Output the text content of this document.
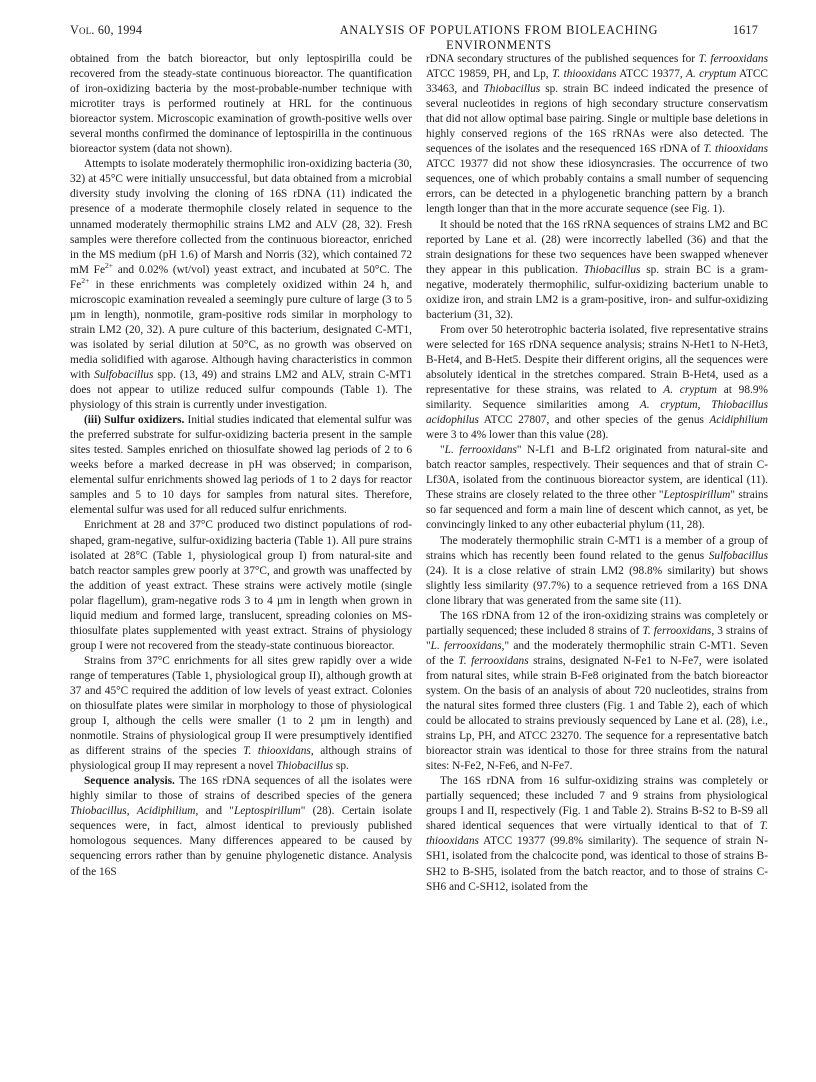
Vol. 60, 1994	ANALYSIS OF POPULATIONS FROM BIOLEACHING ENVIRONMENTS
1617

obtained from the batch bioreactor, but only leptospirilla could be recovered from the steady-state continuous bioreactor. The quantification of iron-oxidizing bacteria by the most-probable-number technique with microtiter trays is performed routinely at HRL for the continuous bioreactor system. Microscopic examination of growth-positive wells over several months confirmed the dominance of leptospirilla in the continuous bioreactor system (data not shown).

Attempts to isolate moderately thermophilic iron-oxidizing bacteria (30, 32) at 45°C were initially unsuccessful, but data obtained from a microbial diversity study involving the cloning of 16S rDNA (11) indicated the presence of a moderate thermophile closely related in sequence to the unnamed moderately thermophilic strains LM2 and ALV (28, 32). Fresh samples were therefore collected from the continuous bioreactor, enriched in the MS medium (pH 1.6) of Marsh and Norris (32), which contained 72 mM $Fe^{2+}$ and 0.02% (wt/vol) yeast extract, and incubated at 50°C. The $Fe^{2+}$ in these enrichments was completely oxidized within 24 h, and microscopic examination revealed a seemingly pure culture of large (3 to 5 µm in length), nonmotile, gram-positive rods similar in morphology to strain LM2 (20, 32). A pure culture of this bacterium, designated C-MT1, was isolated by serial dilution at 50°C, as no growth was observed on media solidified with agarose. Although having characteristics in common with Sulfobacillus spp. (13, 49) and strains LM2 and ALV, strain C-MT1 does not appear to utilize reduced sulfur compounds (Table 1). The physiology of this strain is currently under investigation.

(iii) Sulfur oxidizers. Initial studies indicated that elemental sulfur was the preferred substrate for sulfur-oxidizing bacteria present in the sample sites tested. Samples enriched on thiosulfate showed lag periods of 2 to 6 weeks before a marked decrease in pH was observed; in comparison, elemental sulfur enrichments showed lag periods of 1 to 2 days for reactor samples and 5 to 10 days for samples from natural sites. Therefore, elemental sulfur was used for all reduced sulfur enrichments.

Enrichment at 28 and 37°C produced two distinct populations of rod-shaped, gram-negative, sulfur-oxidizing bacteria (Table 1). All pure strains isolated at 28°C (Table 1, physiological group I) from natural-site and batch reactor samples grew poorly at 37°C, and growth was unaffected by the addition of yeast extract. These strains were actively motile (single polar flagellum), gram-negative rods 3 to 4 µm in length when grown in liquid medium and formed large, translucent, spreading colonies on MS-thiosulfate plates supplemented with yeast extract. Strains of physiology group I were not recovered from the steady-state continuous bioreactor.

Strains from 37°C enrichments for all sites grew rapidly over a wide range of temperatures (Table 1, physiological group II), although growth at 37 and 45°C required the addition of low levels of yeast extract. Colonies on thiosulfate plates were similar in morphology to those of physiological group I, although the cells were smaller (1 to 2 µm in length) and nonmotile. Strains of physiological group II were presumptively identified as different strains of the species T. thiooxidans, although strains of physiological group II may represent a novel Thiobacillus sp.

Sequence analysis. The 16S rDNA sequences of all the isolates were highly similar to those of strains of described species of the genera Thiobacillus, Acidiphilium, and "Leptospirillum" (28). Certain isolate sequences were, in fact, almost identical to previously published homologous sequences. Many differences appeared to be caused by sequencing errors rather than by genuine phylogenetic distance. Analysis of the 16S

rDNA secondary structures of the published sequences for T. ferrooxidans ATCC 19859, PH, and Lp, T. thiooxidans ATCC 19377, A. cryptum ATCC 33463, and Thiobacillus sp. strain BC indeed indicated the presence of several nucleotides in regions of high secondary structure conservatism that did not allow optimal base pairing. Single or multiple base deletions in highly conserved regions of the 16S rRNAs were also detected. The sequences of the isolates and the resequenced 16S rDNA of T. thiooxidans ATCC 19377 did not show these idiosyncrasies. The occurrence of two sequences, one of which probably contains a small number of sequencing errors, can be detected in a phylogenetic branching pattern by a branch length longer than that in the more accurate sequence (see Fig. 1).

It should be noted that the 16S rRNA sequences of strains LM2 and BC reported by Lane et al. (28) were incorrectly labelled (36) and that the strain designations for these two sequences have been swapped whenever they appear in this publication. Thiobacillus sp. strain BC is a gram-negative, moderately thermophilic, sulfur-oxidizing bacterium unable to oxidize iron, and strain LM2 is a gram-positive, iron- and sulfur-oxidizing bacterium (31, 32).

From over 50 heterotrophic bacteria isolated, five representative strains were selected for 16S rDNA sequence analysis; strains N-Het1 to N-Het3, B-Het4, and B-Het5. Despite their different origins, all the sequences were absolutely identical in the stretches compared. Strain B-Het4, used as a representative for these strains, was related to A. cryptum at 98.9% similarity. Sequence similarities among A. cryptum, Thiobacillus acidophilus ATCC 27807, and other species of the genus Acidiphilium were 3 to 4% lower than this value (28).

"L. ferrooxidans" N-Lf1 and B-Lf2 originated from natural-site and batch reactor samples, respectively. Their sequences and that of strain C-Lf30A, isolated from the continuous bioreactor system, are identical (11). These strains are closely related to the three other "Leptospirillum" strains so far sequenced and form a main line of descent which cannot, as yet, be convincingly linked to any other eubacterial phylum (11, 28).

The moderately thermophilic strain C-MT1 is a member of a group of strains which has recently been found related to the genus Sulfobacillus (24). It is a close relative of strain LM2 (98.8% similarity) but shows slightly less similarity (97.7%) to a sequence retrieved from a 16S DNA clone library that was generated from the same site (11).

The 16S rDNA from 12 of the iron-oxidizing strains was completely or partially sequenced; these included 8 strains of T. ferrooxidans, 3 strains of "L. ferrooxidans," and the moderately thermophilic strain C-MT1. Seven of the T. ferrooxidans strains, designated N-Fe1 to N-Fe7, were isolated from natural sites, while strain B-Fe8 originated from the batch bioreactor system. On the basis of an analysis of about 720 nucleotides, strains from the natural sites formed three clusters (Fig. 1 and Table 2), each of which could be allocated to strains previously sequenced by Lane et al. (28), i.e., strains Lp, PH, and ATCC 23270. The sequence for a representative batch bioreactor strain was identical to those for three strains from the natural sites: N-Fe2, N-Fe6, and N-Fe7.

The 16S rDNA from 16 sulfur-oxidizing strains was completely or partially sequenced; these included 7 and 9 strains from physiological groups I and II, respectively (Fig. 1 and Table 2). Strains B-S2 to B-S9 all shared identical sequences that were virtually identical to that of T. thiooxidans ATCC 19377 (99.8% similarity). The sequence of strain N-SH1, isolated from the chalcocite pond, was identical to those of strains B-SH2 to B-SH5, isolated from the batch reactor, and to those of strains C-SH6 and C-SH12, isolated from the
